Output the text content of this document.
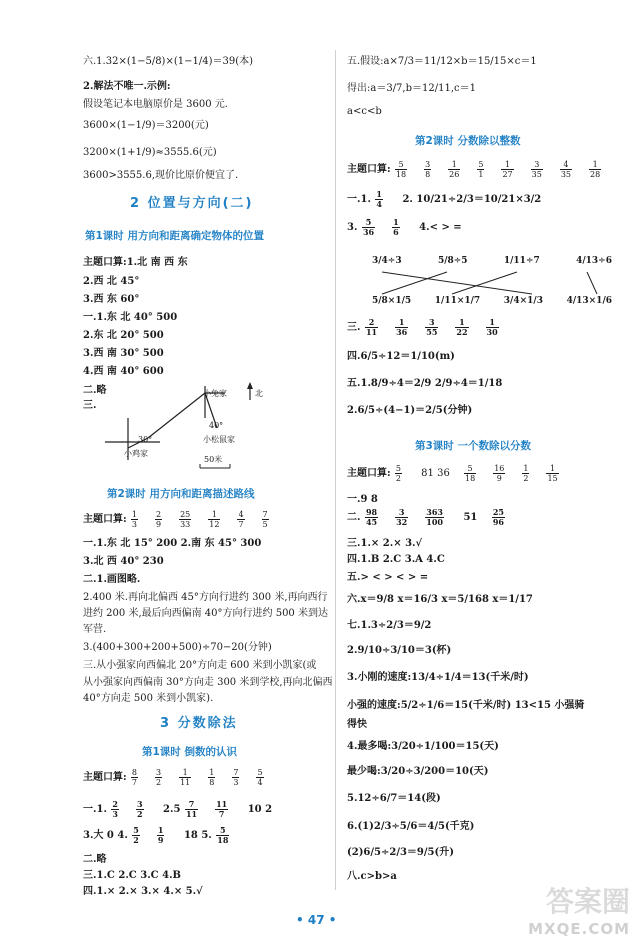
六.1.32×(1−5/8)×(1−1/4)＝39(本)
2.解法不唯一.示例:
假设笔记本电脑原价是 3600 元.
3600×(1−1/9)＝3200(元)
3200×(1+1/9)≈3555.6(元)
3600>3555.6,现价比原价便宜了.
2 位置与方向(二)
第1课时 用方向和距离确定物体的位置
主题口算:1.北 南 西 东
2.西 北 45°
3.西 东 60°
一.1.东 北 40° 500
2.东 北 20° 500
3.西 南 30° 500
4.西 南 40° 600
二.略
三.
小兔家	北
40°
小松鼠家
30°
小鸡家
50米
第2课时 用方向和距离描述路线
主题口算: $\frac{1}{3} \frac{2}{9} \frac{25}{33} \frac{1}{12} \frac{4}{7} \frac{7}{5}$
一.1.东 北 15° 200 2.南 东 45° 300
3.北 西 40° 230
二.1.画图略.
2.400 米.再向北偏西 45°方向行进约 300 米,再向西行
进约 200 米,最后向西偏南 40°方向行进约 500 米到达
军营.
3.(400+300+200+500)÷70−20(分钟)
三.从小强家向西偏北 20°方向走 600 米到小凯家(或
从小强家向西偏南 30°方向走 300 米到学校,再向北偏西
40°方向走 500 米到小凯家).
3 分数除法
第1课时 倒数的认识
主题口算: $\frac{8}{7} \frac{3}{2} \frac{1}{11} \frac{1}{8} \frac{7}{3} \frac{5}{4}$
一.1. $\frac{2}{3} \frac{3}{2} 2.5 \frac{7}{11} \frac{11}{7} 10$ 2
3.大 0 4. $\frac{5}{2} \frac{1}{9} 18$ 5. $\frac{5}{18}$
二.略
三.1.C 2.C 3.C 4.B
四.1.× 2.× 3.× 4.× 5.√
五.假设:a×7/3＝11/12×b＝15/15×c＝1
得出:a＝3/7,b＝12/11,c＝1
a<c<b
第2课时 分数除以整数
主题口算: $\frac{5}{18} \frac{3}{8} \frac{1}{26} \frac{5}{1} \frac{1}{27} \frac{3}{35} \frac{4}{35} \frac{1}{28}$
一.1. $\frac{1}{4} 2$. 10/21÷2/3＝10/21×3/2
3. $\frac{5}{36} \frac{1}{6} 4.<$ > =
3/4÷3	5/8÷5	1/11÷7	4/13÷6
5/8×1/5	1/11×1/7	3/4×1/3	4/13×1/6
三. $\frac{2}{11} \frac{1}{36} \frac{3}{55} \frac{1}{22} \frac{1}{30}$
四.6/5÷12＝1/10(m)
五.1.8/9÷4＝2/9 2/9÷4＝1/18
2.6/5÷(4−1)＝2/5(分钟)
第3课时 一个数除以分数
主题口算: $\frac{5}{2} 81$ $36 \frac{5}{18} \frac{16}{9} \frac{1}{2} \frac{1}{15}$
一.9 8
二. $\frac{98}{45} \frac{3}{32} \frac{363}{100} 51 \frac{25}{96}$
三.1.× 2.× 3.√
四.1.B 2.C 3.A 4.C
五.> < > < > =
六.x＝9/8 x＝16/3 x＝5/168 x＝1/17
七.1.3÷2/3＝9/2
2.9/10÷3/10＝3(杯)
3.小刚的速度:13/4÷1/4＝13(千米/时)
小强的速度:5/2÷1/6＝15(千米/时) 13<15 小强骑
得快
4.最多喝:3/20÷1/100＝15(天)
最少喝:3/20÷3/200＝10(天)
5.12÷6/7＝14(段)
6.(1)2/3÷5/6＝4/5(千克)
(2)6/5÷2/3＝9/5(升)
八.c>b>a
• 47 •
答案圈
MXQE.COM
